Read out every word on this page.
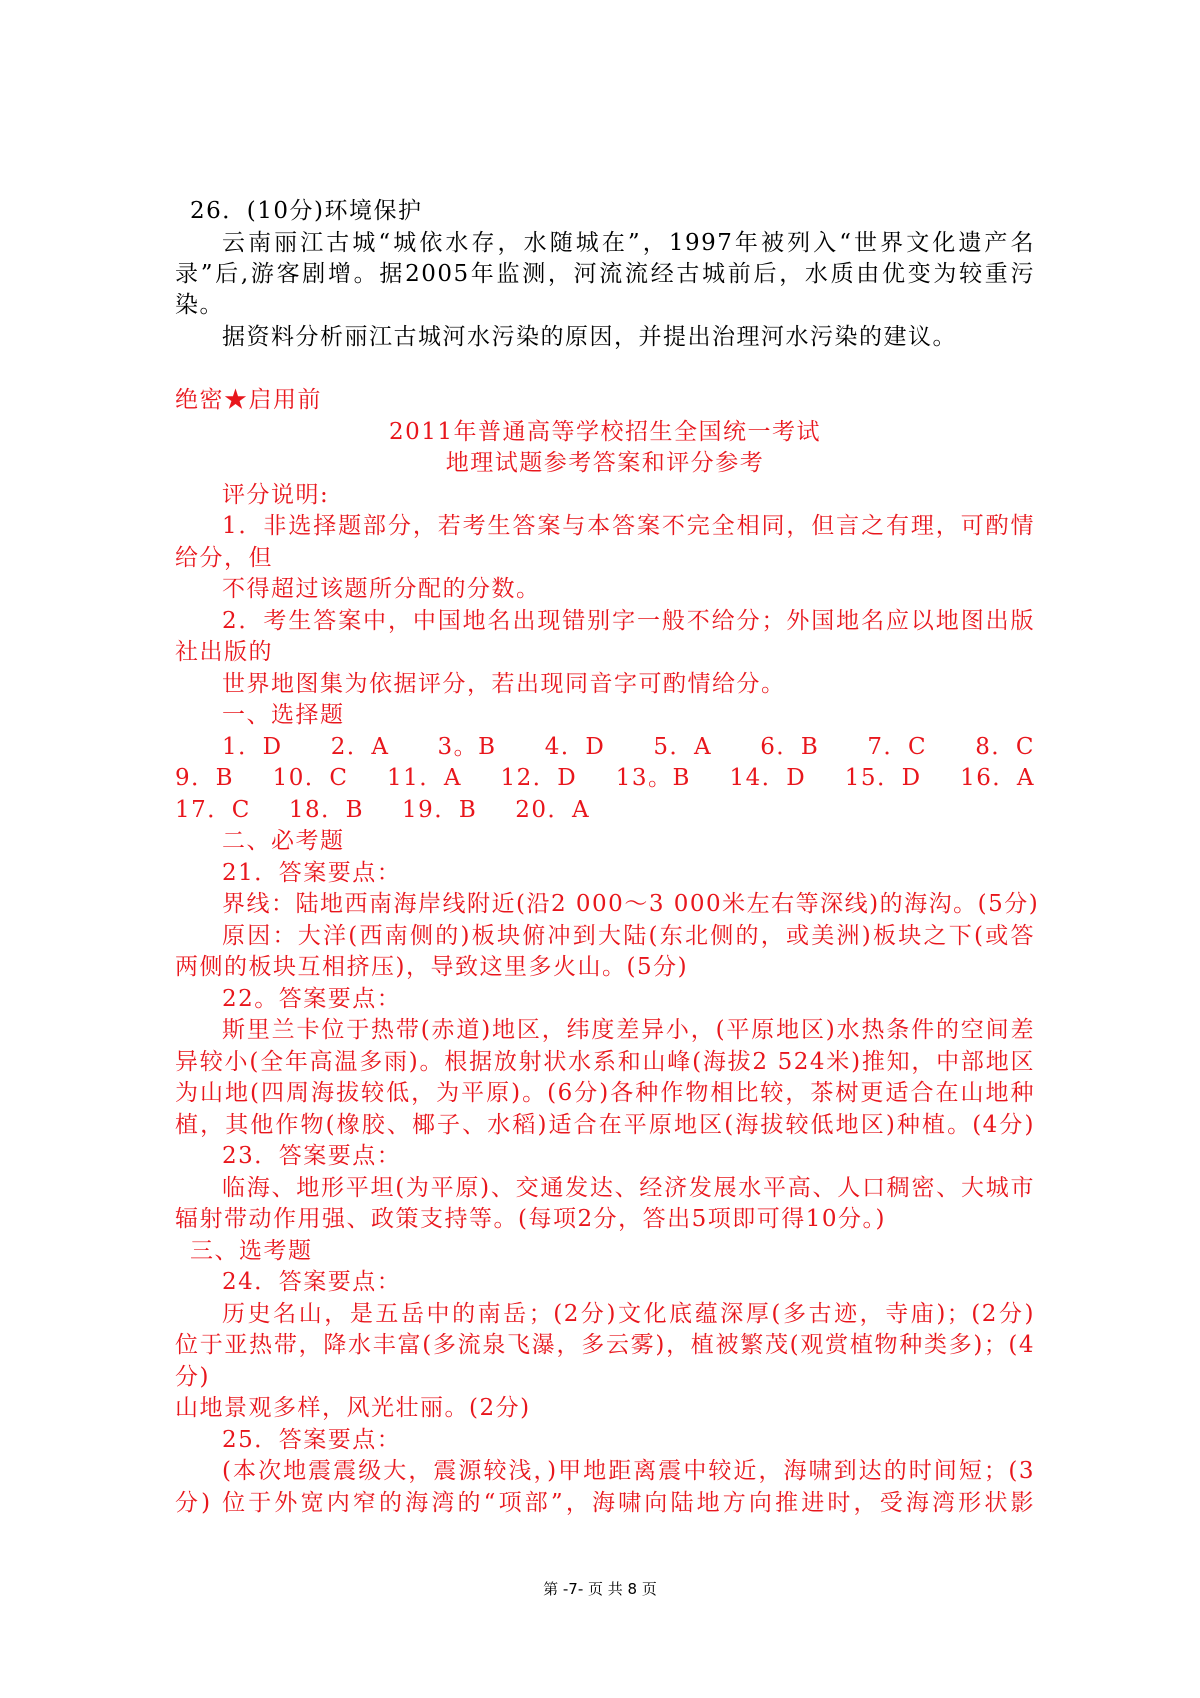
26．(10分)环境保护
云南丽江古城“城依水存，水随城在”，1997年被列入“世界文化遗产名
录”后,游客剧增。据2005年监测，河流流经古城前后，水质由优变为较重污
染。
据资料分析丽江古城河水污染的原因，并提出治理河水污染的建议。
绝密★启用前
2011年普通高等学校招生全国统一考试
地理试题参考答案和评分参考
评分说明:
1．非选择题部分，若考生答案与本答案不完全相同，但言之有理，可酌情
给分，但
不得超过该题所分配的分数。
2．考生答案中，中国地名出现错别字一般不给分；外国地名应以地图出版
社出版的
世界地图集为依据评分，若出现同音字可酌情给分。
一、选择题
1．D 2．A 3。B 4．D 5．A 6．B 7．C 8．C
9．B 10．C 11．A 12．D 13。B 14．D 15．D 16．A
17．C 18．B 19．B 20．A
二、必考题
21．答案要点：
界线：陆地西南海岸线附近(沿2 000～3 000米左右等深线)的海沟。(5分)
原因：大洋(西南侧的)板块俯冲到大陆(东北侧的，或美洲)板块之下(或答
两侧的板块互相挤压)，导致这里多火山。(5分)
22。答案要点：
斯里兰卡位于热带(赤道)地区，纬度差异小，(平原地区)水热条件的空间差
异较小(全年高温多雨)。根据放射状水系和山峰(海拔2 524米)推知，中部地区
为山地(四周海拔较低，为平原)。(6分)各种作物相比较，茶树更适合在山地种
植，其他作物(橡胶、椰子、水稻)适合在平原地区(海拔较低地区)种植。(4分)
23．答案要点：
临海、地形平坦(为平原)、交通发达、经济发展水平高、人口稠密、大城市
辐射带动作用强、政策支持等。(每项2分，答出5项即可得10分。)
三、选考题
24．答案要点：
历史名山，是五岳中的南岳；(2分)文化底蕴深厚(多古迹，寺庙)；(2分)
位于亚热带，降水丰富(多流泉飞瀑，多云雾)，植被繁茂(观赏植物种类多)；(4
分)
山地景观多样，风光壮丽。(2分)
25．答案要点：
(本次地震震级大，震源较浅，)甲地距离震中较近，海啸到达的时间短；(3
分) 位于外宽内窄的海湾的“项部”，海啸向陆地方向推进时，受海湾形状影
第 -7- 页 共 8 页
